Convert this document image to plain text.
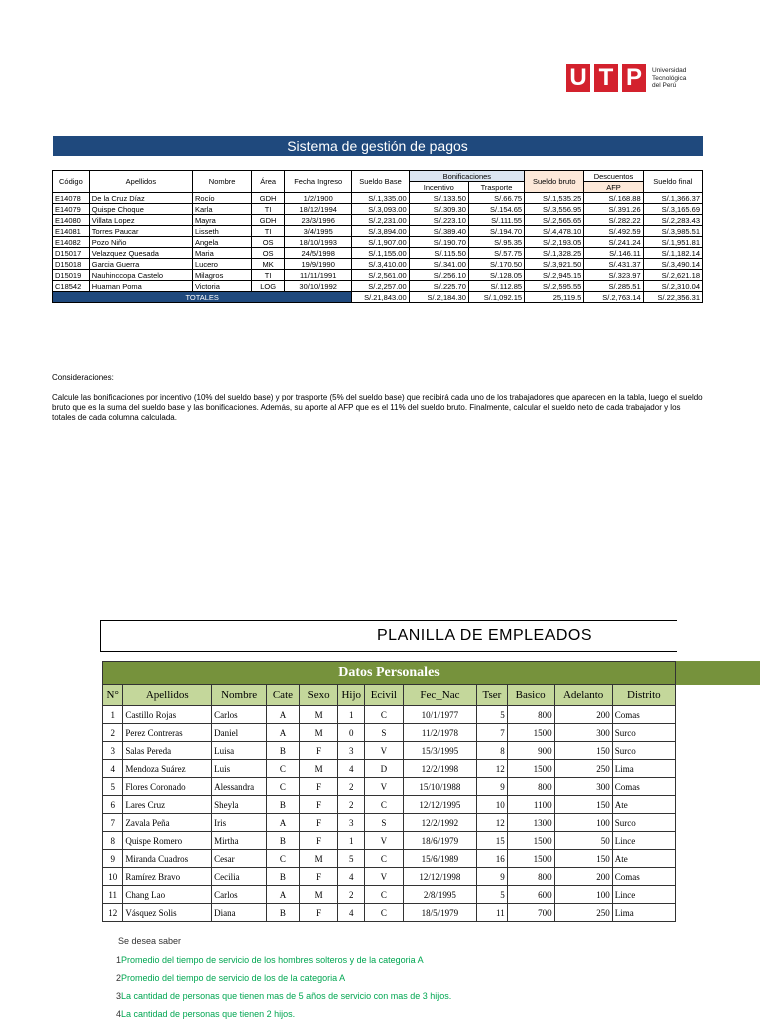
U T P	Universidad
Tecnológica
del Perú
Sistema de gestión de pagos										

Código	Apellidos	Nombre	Área	Fecha Ingreso	Sueldo Base	Bonificaciones		Sueldo bruto	Descuentos	Sueldo final
						Incentivo	Trasporte		AFP	
E14078	De la Cruz Díaz	Rocío	GDH	1/2/1900	S/.1,335.00	S/.133.50	S/.66.75	S/.1,535.25	S/.168.88	S/.1,366.37
E14079	Quispe Choque	Karla	TI	18/12/1994	S/.3,093.00	S/.309.30	S/.154.65	S/.3,556.95	S/.391.26	S/.3,165.69
E14080	Villata Lopez	Mayra	GDH	23/3/1996	S/.2,231.00	S/.223.10	S/.111.55	S/.2,565.65	S/.282.22	S/.2,283.43
E14081	Torres Paucar	Lisseth	TI	3/4/1995	S/.3,894.00	S/.389.40	S/.194.70	S/.4,478.10	S/.492.59	S/.3,985.51
E14082	Pozo Niño	Angela	OS	18/10/1993	S/.1,907.00	S/.190.70	S/.95.35	S/.2,193.05	S/.241.24	S/.1,951.81
D15017	Velazquez Quesada	Maria	OS	24/5/1998	S/.1,155.00	S/.115.50	S/.57.75	S/.1,328.25	S/.146.11	S/.1,182.14
D15018	Garcia Guerra	Lucero	MK	19/9/1990	S/.3,410.00	S/.341.00	S/.170.50	S/.3,921.50	S/.431.37	S/.3,490.14
D15019	Nauhinccopa Castelo	Milagros	TI	11/11/1991	S/.2,561.00	S/.256.10	S/.128.05	S/.2,945.15	S/.323.97	S/.2,621.18
C18542	Huaman Poma	Victoria	LOG	30/10/1992	S/.2,257.00	S/.225.70	S/.112.85	S/.2,595.55	S/.285.51	S/.2,310.04
TOTALES					S/.21,843.00	S/.2,184.30	S/.1,092.15	25,119.5	S/.2,763.14	S/.22,356.31

Consideraciones:

Calcule las bonificaciones por incentivo (10% del sueldo base) y por trasporte (5% del sueldo base) que recibirá cada uno de los trabajadores que aparecen en la tabla, luego el sueldo bruto que es la suma del sueldo base y las bonificaciones. Además, su aporte al AFP que es el 11% del sueldo bruto. Finalmente, calcular el sueldo neto de cada trabajador y los totales de cada columna calculada.

PLANILLA DE EMPLEADOS
Datos Personales											
N°	Apellidos	Nombre	Cate	Sexo	Hijo	Ecivil	Fec_Nac	Tser	Basico	Adelanto	Distrito
1	Castillo Rojas	Carlos	A	M	1	C	10/1/1977	5	800	200	Comas
2	Perez Contreras	Daniel	A	M	0	S	11/2/1978	7	1500	300	Surco
3	Salas Pereda	Luisa	B	F	3	V	15/3/1995	8	900	150	Surco
4	Mendoza Suárez	Luis	C	M	4	D	12/2/1998	12	1500	250	Lima
5	Flores Coronado	Alessandra	C	F	2	V	15/10/1988	9	800	300	Comas
6	Lares Cruz	Sheyla	B	F	2	C	12/12/1995	10	1100	150	Ate
7	Zavala Peña	Iris	A	F	3	S	12/2/1992	12	1300	100	Surco
8	Quispe Romero	Mirtha	B	F	1	V	18/6/1979	15	1500	50	Lince
9	Miranda Cuadros	Cesar	C	M	5	C	15/6/1989	16	1500	150	Ate
10	Ramírez Bravo	Cecilia	B	F	4	V	12/12/1998	9	800	200	Comas
11	Chang Lao	Carlos	A	M	2	C	2/8/1995	5	600	100	Lince
12	Vásquez Solis	Diana	B	F	4	C	18/5/1979	11	700	250	Lima
Se desea saber
1Promedio del tiempo de servicio de los hombres solteros y de la categoria A
2Promedio del tiempo de servicio de los de la categoria A
3La cantidad de personas que tienen mas de 5 años de servicio con mas de 3 hijos.
4La cantidad de personas que tienen 2 hijos.
